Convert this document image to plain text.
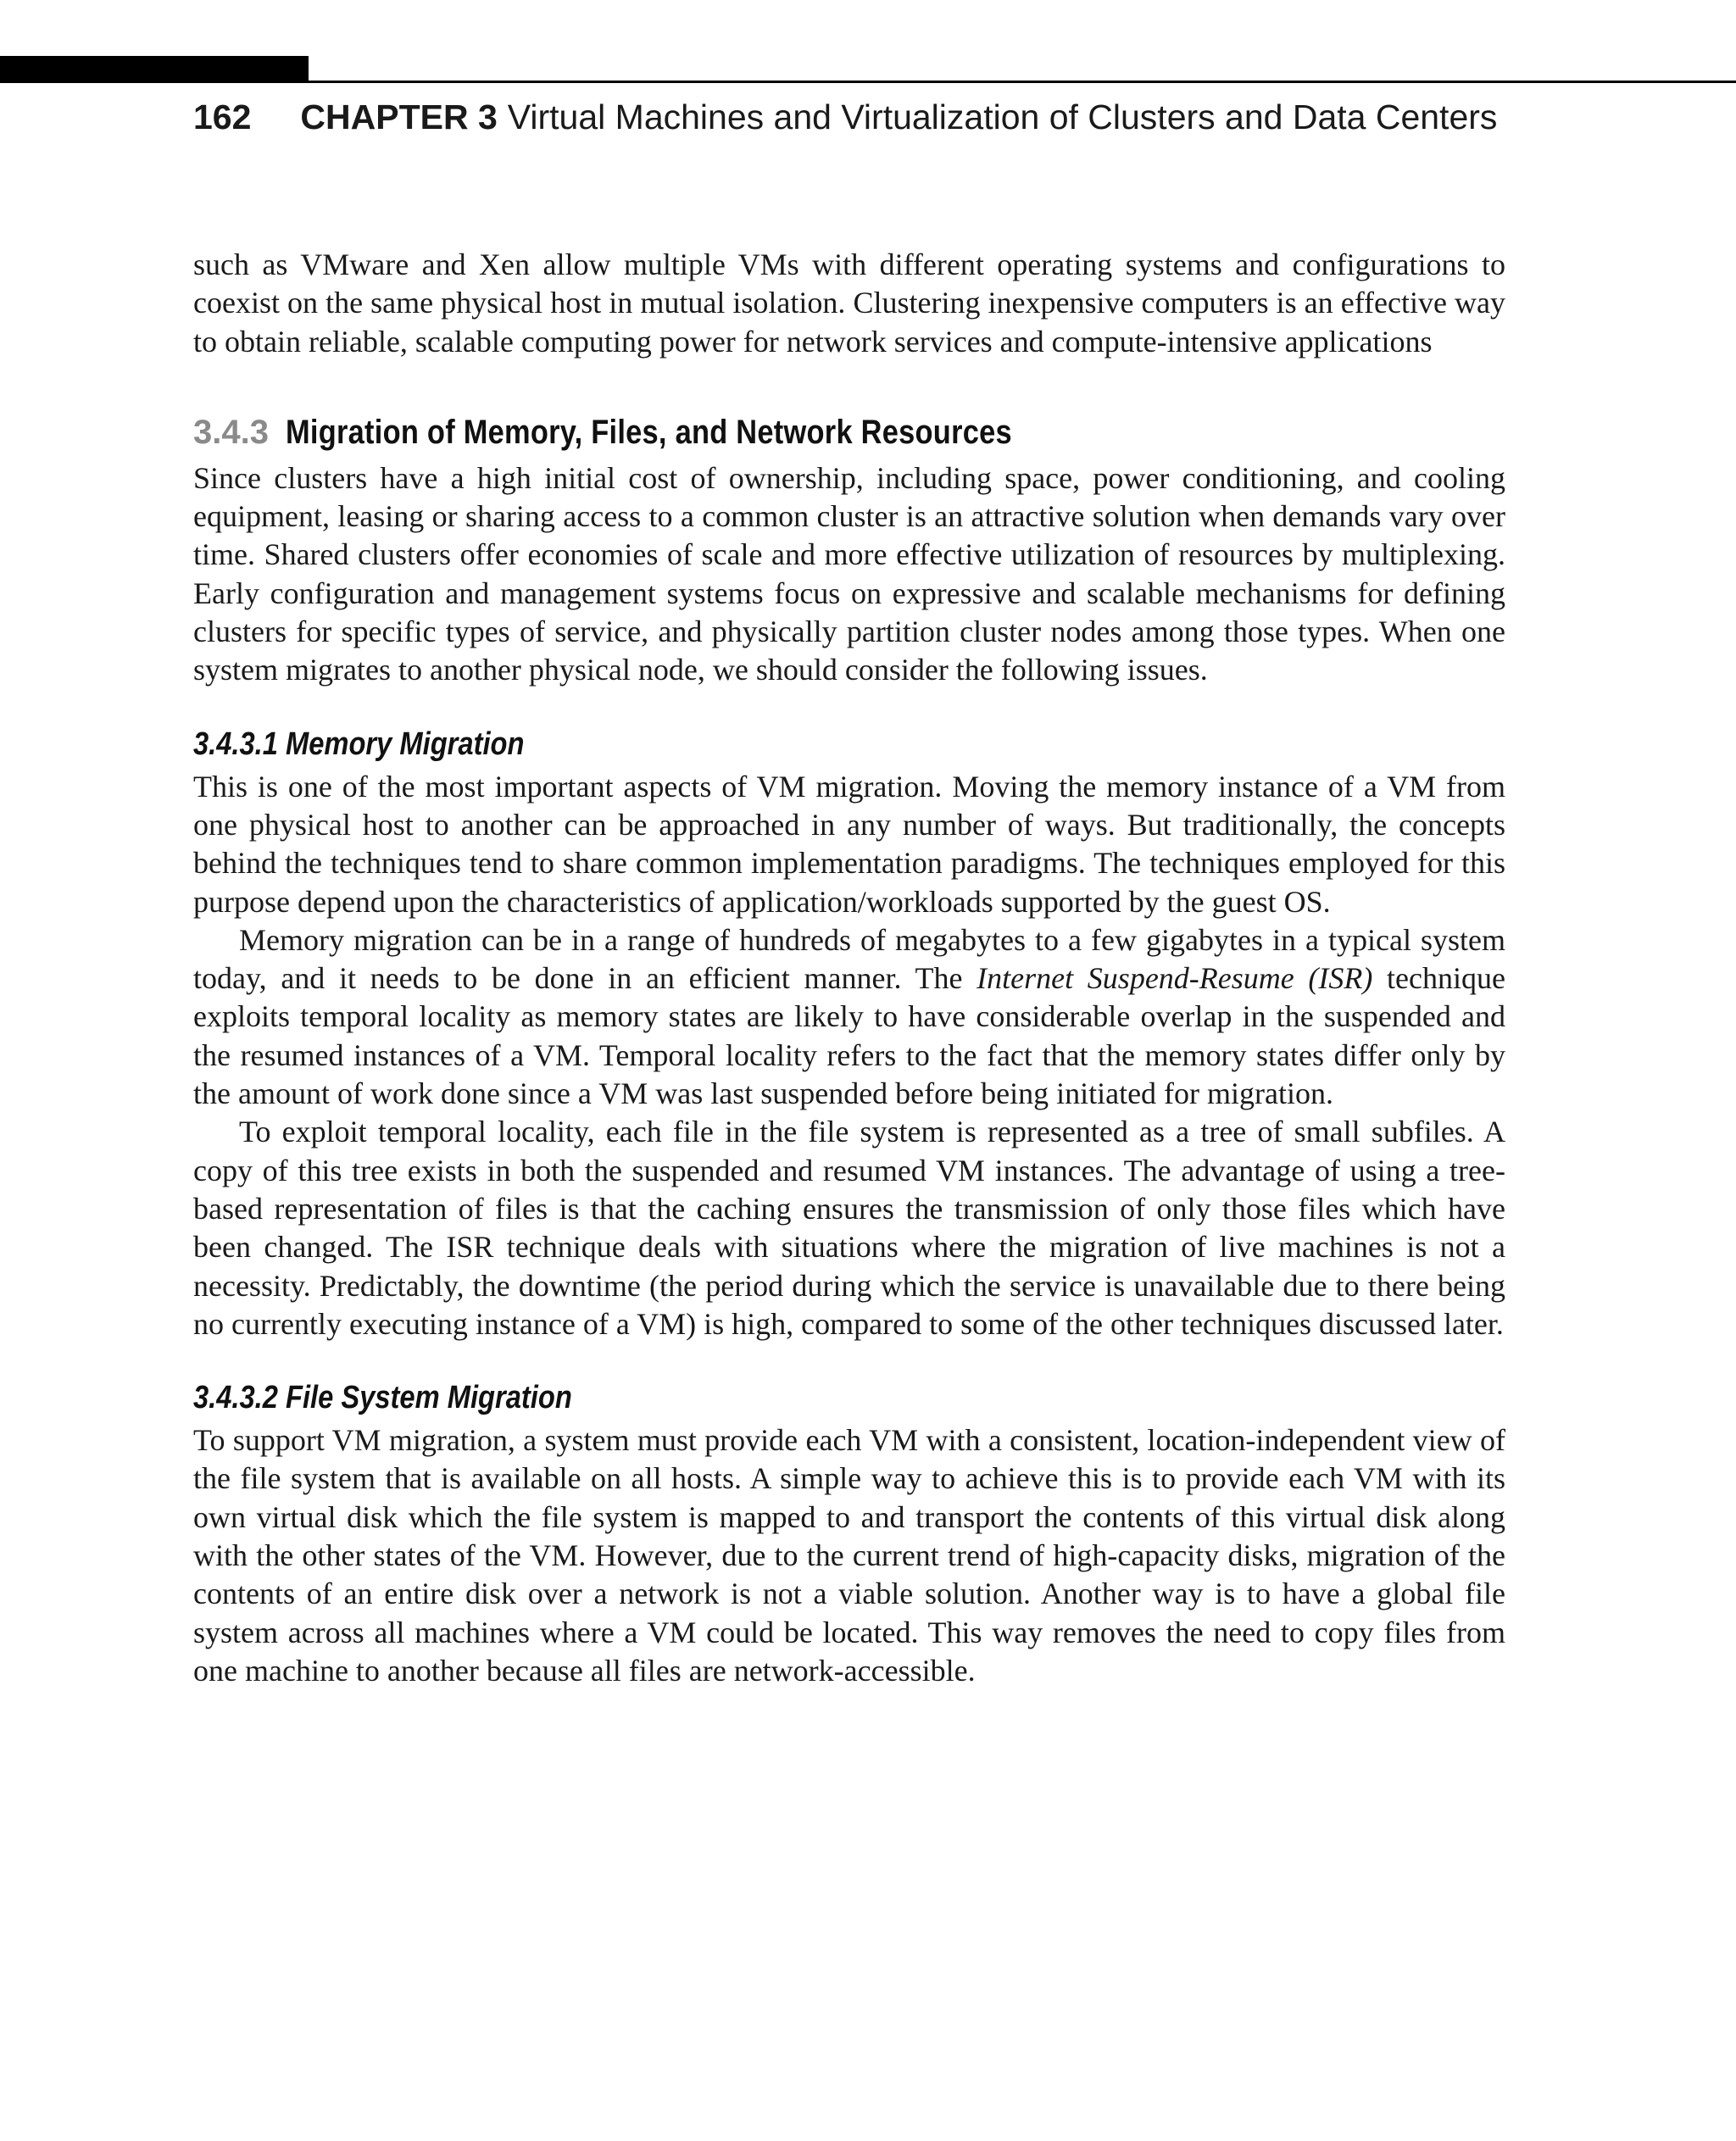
162 CHAPTER 3 Virtual Machines and Virtualization of Clusters and Data Centers

such as VMware and Xen allow multiple VMs with different operating systems and configurations to coexist on the same physical host in mutual isolation. Clustering inexpensive computers is an effective way to obtain reliable, scalable computing power for network services and compute-intensive applications

3.4.3 Migration of Memory, Files, and Network Resources

Since clusters have a high initial cost of ownership, including space, power conditioning, and cooling equipment, leasing or sharing access to a common cluster is an attractive solution when demands vary over time. Shared clusters offer economies of scale and more effective utilization of resources by multiplexing. Early configuration and management systems focus on expressive and scalable mechanisms for defining clusters for specific types of service, and physically partition cluster nodes among those types. When one system migrates to another physical node, we should consider the following issues.

3.4.3.1 Memory Migration

This is one of the most important aspects of VM migration. Moving the memory instance of a VM from one physical host to another can be approached in any number of ways. But traditionally, the concepts behind the techniques tend to share common implementation paradigms. The techniques employed for this purpose depend upon the characteristics of application/workloads supported by the guest OS.

Memory migration can be in a range of hundreds of megabytes to a few gigabytes in a typical system today, and it needs to be done in an efficient manner. The Internet Suspend-Resume (ISR) technique exploits temporal locality as memory states are likely to have considerable overlap in the suspended and the resumed instances of a VM. Temporal locality refers to the fact that the memory states differ only by the amount of work done since a VM was last suspended before being initiated for migration.

To exploit temporal locality, each file in the file system is represented as a tree of small subfiles. A copy of this tree exists in both the suspended and resumed VM instances. The advantage of using a tree-based representation of files is that the caching ensures the transmission of only those files which have been changed. The ISR technique deals with situations where the migration of live machines is not a necessity. Predictably, the downtime (the period during which the service is unavailable due to there being no currently executing instance of a VM) is high, compared to some of the other techniques discussed later.

3.4.3.2 File System Migration

To support VM migration, a system must provide each VM with a consistent, location-independent view of the file system that is available on all hosts. A simple way to achieve this is to provide each VM with its own virtual disk which the file system is mapped to and transport the contents of this virtual disk along with the other states of the VM. However, due to the current trend of high-capacity disks, migration of the contents of an entire disk over a network is not a viable solution. Another way is to have a global file system across all machines where a VM could be located. This way removes the need to copy files from one machine to another because all files are network-accessible.
